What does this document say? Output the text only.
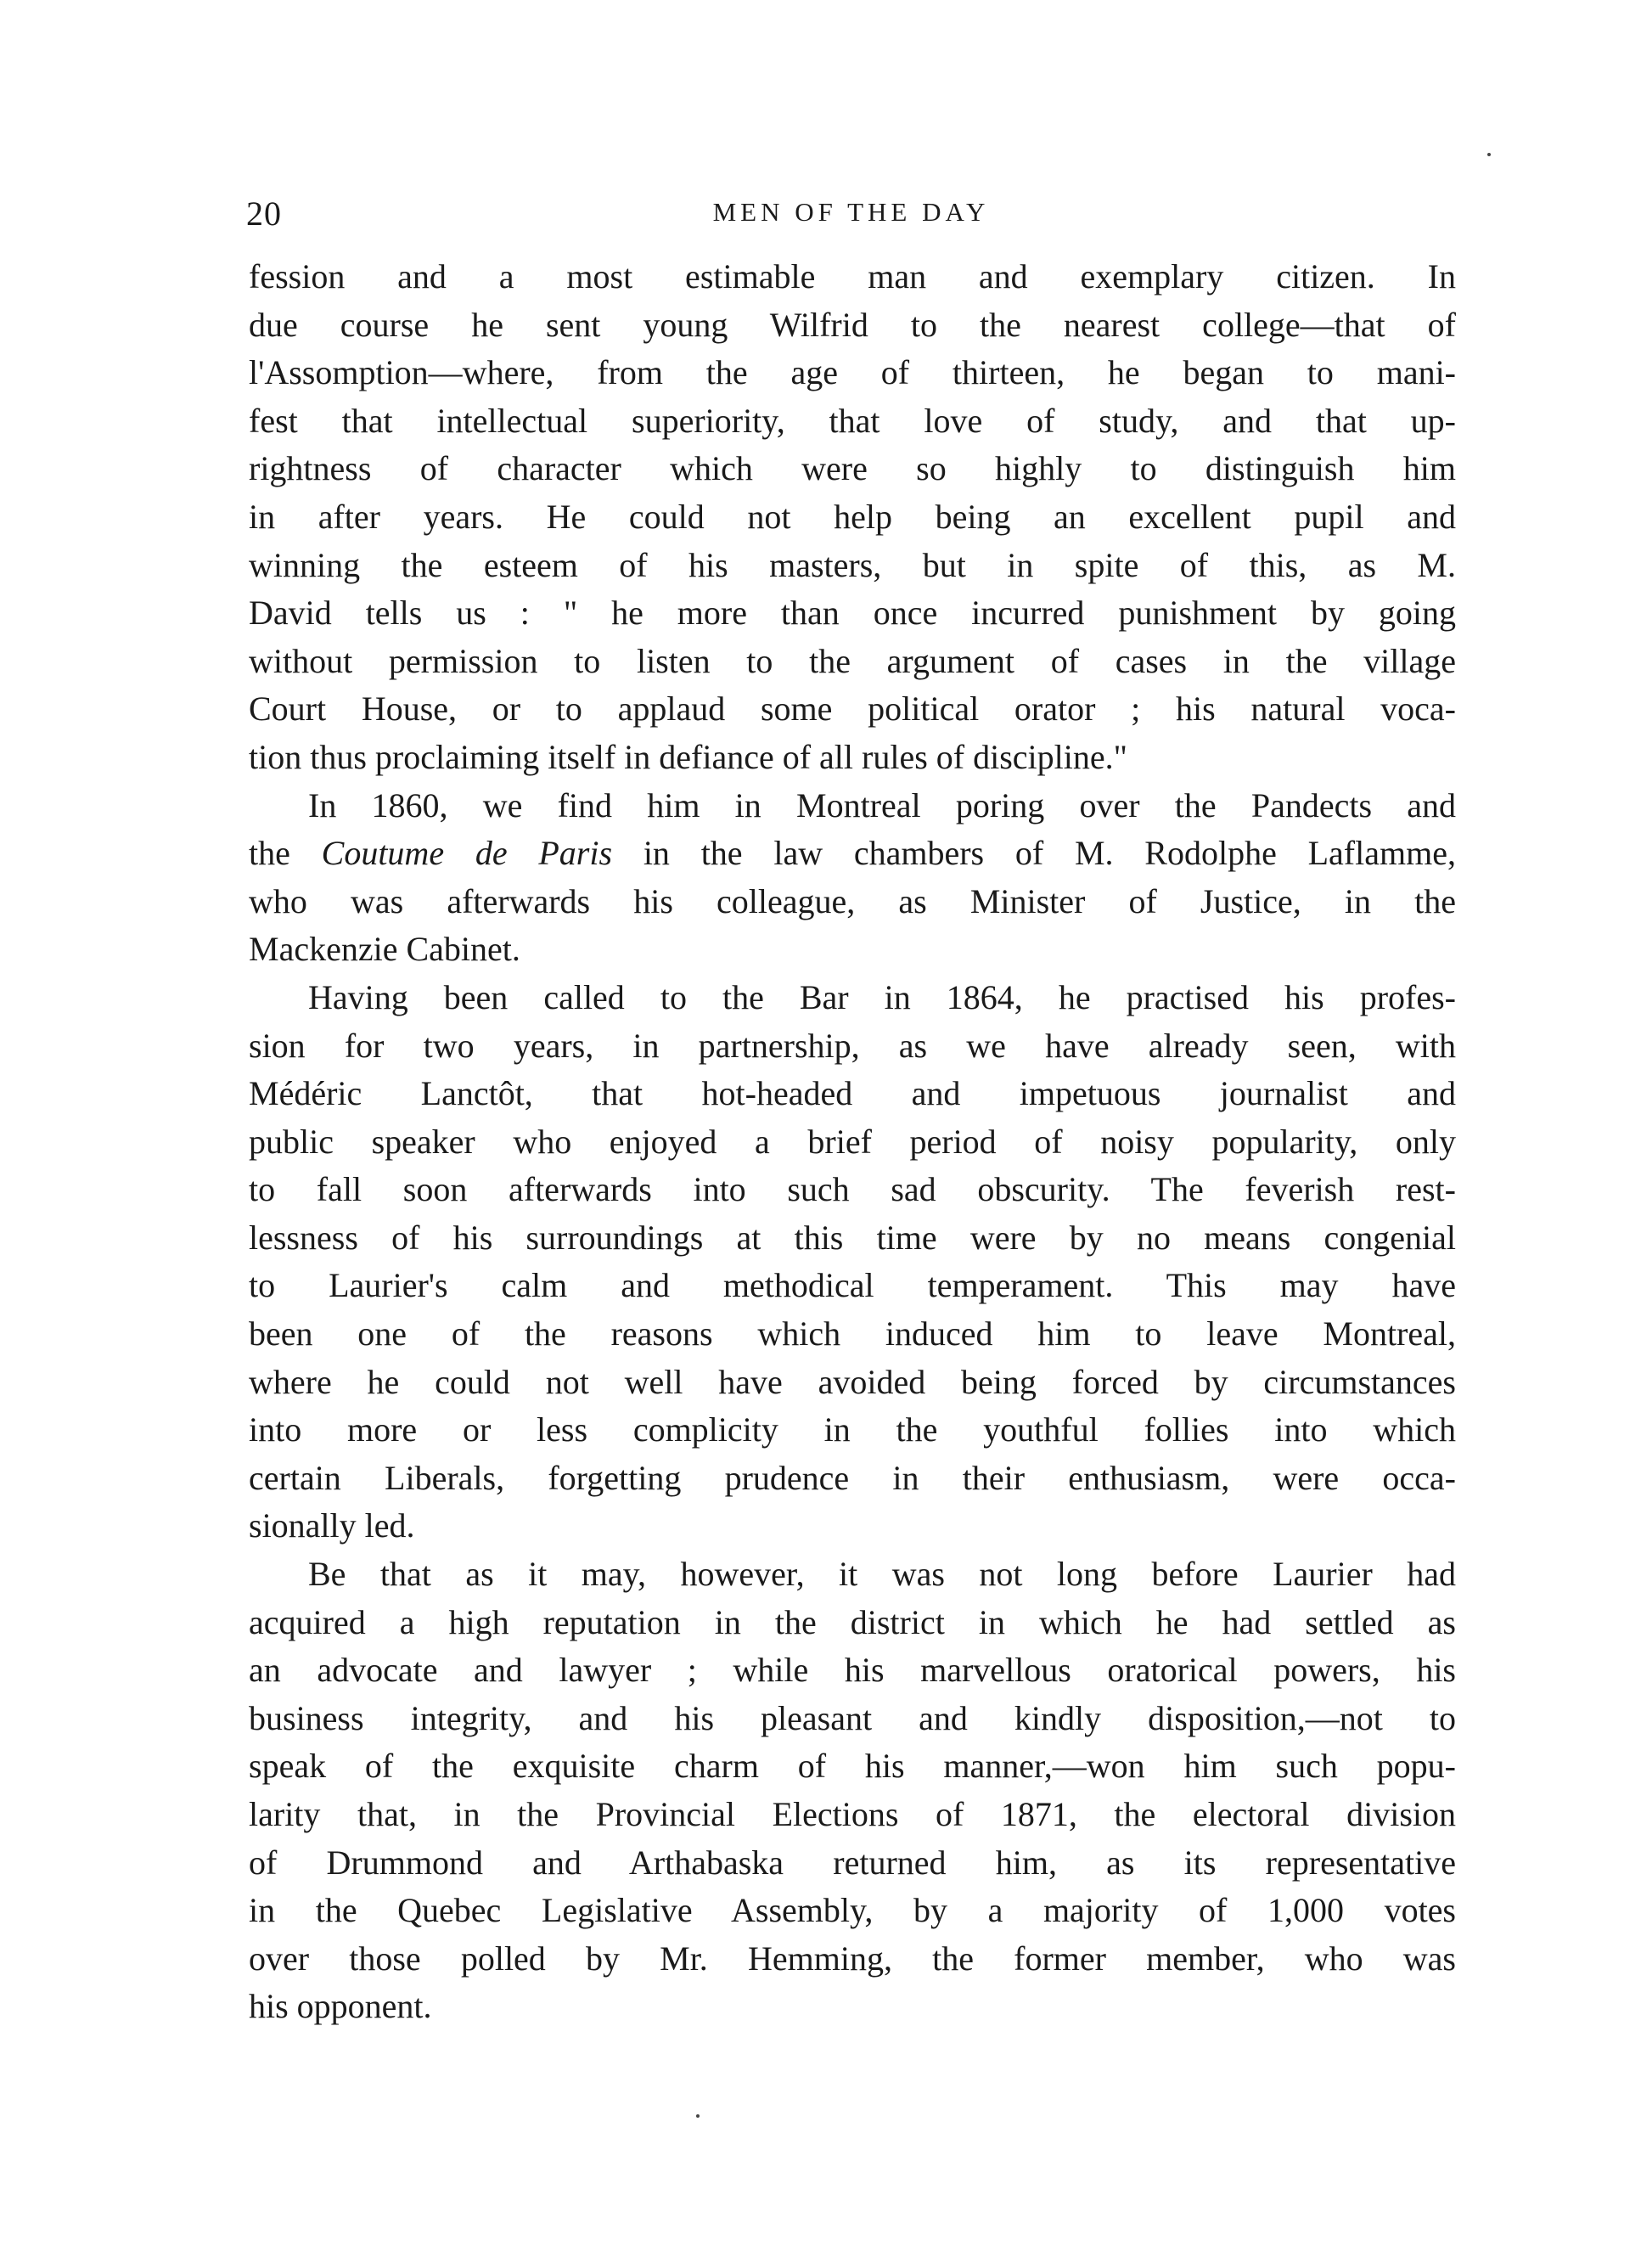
20	MEN OF THE DAY
fession and a most estimable man and exemplary citizen. In
due course he sent young Wilfrid to the nearest college—that of
l'Assomption—where, from the age of thirteen, he began to mani-
fest that intellectual superiority, that love of study, and that up-
rightness of character which were so highly to distinguish him
in after years. He could not help being an excellent pupil and
winning the esteem of his masters, but in spite of this, as M.
David tells us : " he more than once incurred punishment by going
without permission to listen to the argument of cases in the village
Court House, or to applaud some political orator ; his natural voca-
tion thus proclaiming itself in defiance of all rules of discipline."
In 1860, we find him in Montreal poring over the Pandects and
the Coutume de Paris in the law chambers of M. Rodolphe Laflamme,
who was afterwards his colleague, as Minister of Justice, in the
Mackenzie Cabinet.
Having been called to the Bar in 1864, he practised his profes-
sion for two years, in partnership, as we have already seen, with
Médéric Lanctôt, that hot-headed and impetuous journalist and
public speaker who enjoyed a brief period of noisy popularity, only
to fall soon afterwards into such sad obscurity. The feverish rest-
lessness of his surroundings at this time were by no means congenial
to Laurier's calm and methodical temperament. This may have
been one of the reasons which induced him to leave Montreal,
where he could not well have avoided being forced by circumstances
into more or less complicity in the youthful follies into which
certain Liberals, forgetting prudence in their enthusiasm, were occa-
sionally led.
Be that as it may, however, it was not long before Laurier had
acquired a high reputation in the district in which he had settled as
an advocate and lawyer ; while his marvellous oratorical powers, his
business integrity, and his pleasant and kindly disposition,—not to
speak of the exquisite charm of his manner,—won him such popu-
larity that, in the Provincial Elections of 1871, the electoral division
of Drummond and Arthabaska returned him, as its representative
in the Quebec Legislative Assembly, by a majority of 1,000 votes
over those polled by Mr. Hemming, the former member, who was
his opponent.
